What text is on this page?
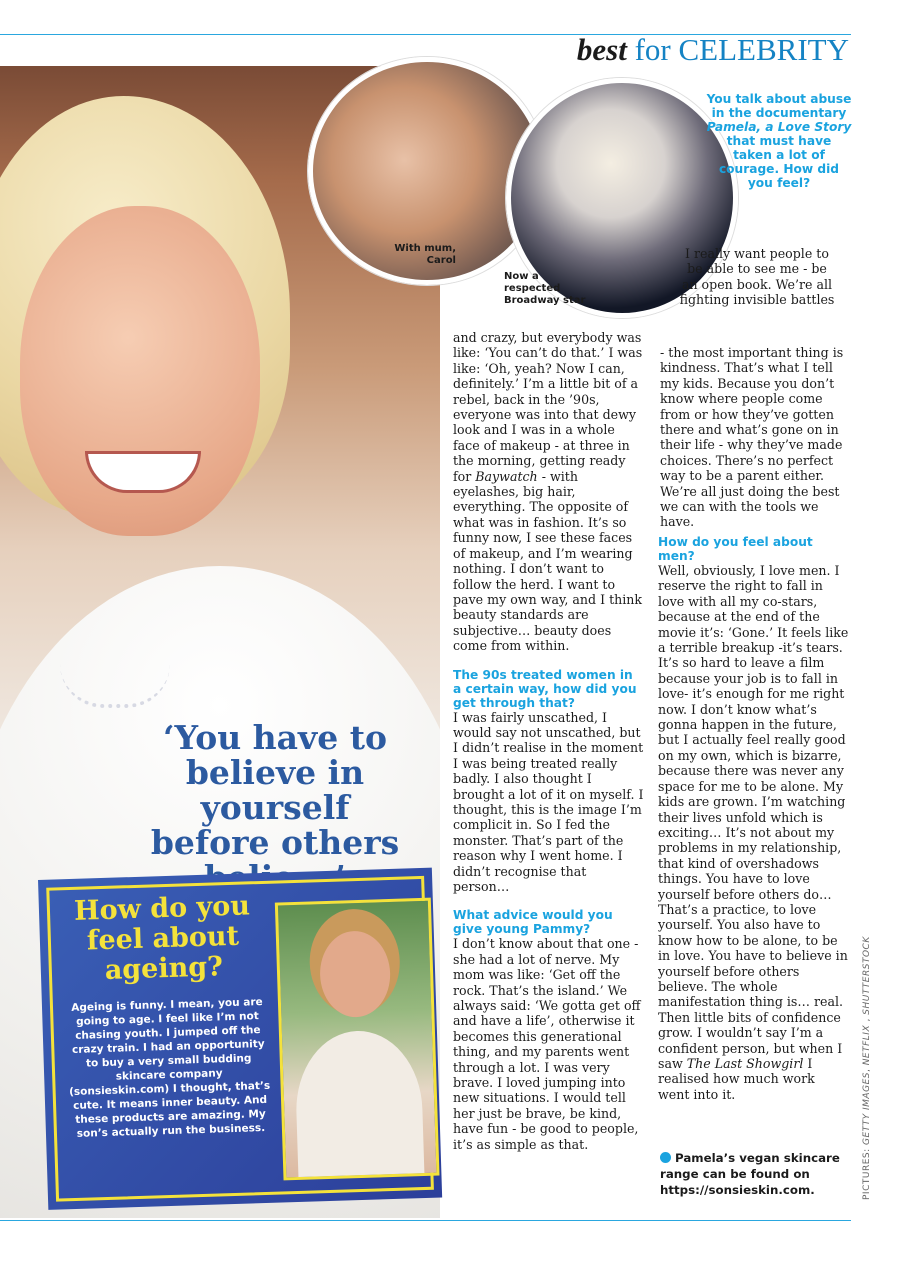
best for CELEBRITY
‘You have to believe in yourself before others
How do you feel about ageing?
Ageing is funny. I mean, you are going to age. I feel like I’m not chasing youth. I jumped off the crazy train. I had an opportunity to buy a very small budding skincare company (sonsieskin.com) I thought, that’s cute. It means inner beauty. And these products are amazing. My son’s actually run the business.
With mum,
Carol
Now a
respected
Broadway star
You talk about abuse in the documentary Pamela, a Love Story that must have taken a lot of courage. How did you feel?
I really want people to be able to see me - be an open book. We’re all fighting invisible battles
- the most important thing is kindness. That’s what I tell my kids. Because you don’t know where people come from or how they’ve gotten there and what’s gone on in their life - why they’ve made choices. There’s no perfect way to be a parent either. We’re all just doing the best we can with the tools we have.

and crazy, but everybody was like: ‘You can’t do that.’ I was like: ‘Oh, yeah? Now I can, definitely.’ I’m a little bit of a rebel, back in the ’90s, everyone was into that dewy look and I was in a whole face of makeup - at three in the morning, getting ready for Baywatch - with eyelashes, big hair, everything. The opposite of what was in fashion. It’s so funny now, I see these faces of makeup, and I’m wearing nothing. I don’t want to follow the herd. I want to pave my own way, and I think beauty standards are subjective… beauty does come from within.

The 90s treated women in a certain way, how did you get through that?

I was fairly unscathed, I would say not unscathed, but I didn’t realise in the moment I was being treated really badly. I also thought I brought a lot of it on myself. I thought, this is the image I’m complicit in. So I fed the monster. That’s part of the reason why I went home. I didn’t recognise that person…

What advice would you give young Pammy?

I don’t know about that one - she had a lot of nerve. My mom was like: ‘Get off the rock. That’s the island.’ We always said: ‘We gotta get off and have a life’, otherwise it becomes this generational thing, and my parents went through a lot. I was very brave. I loved jumping into new situations. I would tell her just be brave, be kind, have fun - be good to people, it’s as simple as that.

How do you feel about men?

Well, obviously, I love men. I reserve the right to fall in love with all my co-stars, because at the end of the movie it’s: ‘Gone.’ It feels like a terrible breakup -it’s tears. It’s so hard to leave a film because your job is to fall in love- it’s enough for me right now. I don’t know what’s gonna happen in the future, but I actually feel really good on my own, which is bizarre, because there was never any space for me to be alone. My kids are grown. I’m watching their lives unfold which is exciting… It’s not about my problems in my relationship, that kind of overshadows things. You have to love yourself before others do…That’s a practice, to love yourself. You also have to know how to be alone, to be in love. You have to believe in yourself before others believe. The whole manifestation thing is… real. Then little bits of confidence grow. I wouldn’t say I’m a confident person, but when I saw The Last Showgirl I realised how much work went into it.

Pamela’s vegan skincare range can be found on https://sonsieskin.com.	PICTURES: GETTY IMAGES, NETFLIX , SHUTTERSTOCK
